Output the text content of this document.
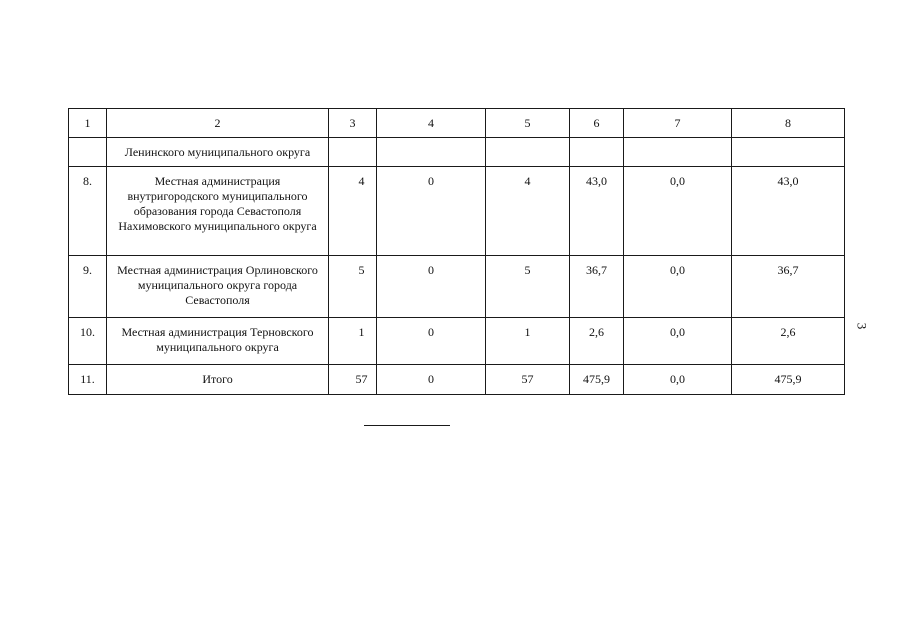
1	2	3	4	5	6	7	8
	Ленинского муниципального округа						

8.	Местная администрация внутригородского муниципального образования города Севастополя Нахимовского муниципального округа	4	0	4	43,0	0,0	43,0

9.	Местная администрация Орлиновского муниципального округа города Севастополя	5	0	5	36,7	0,0	36,7

10.	Местная администрация Терновского муниципального округа	1	0	1	2,6	0,0	2,6

11.	Итого	57	0	57	475,9	0,0	475,9
3
